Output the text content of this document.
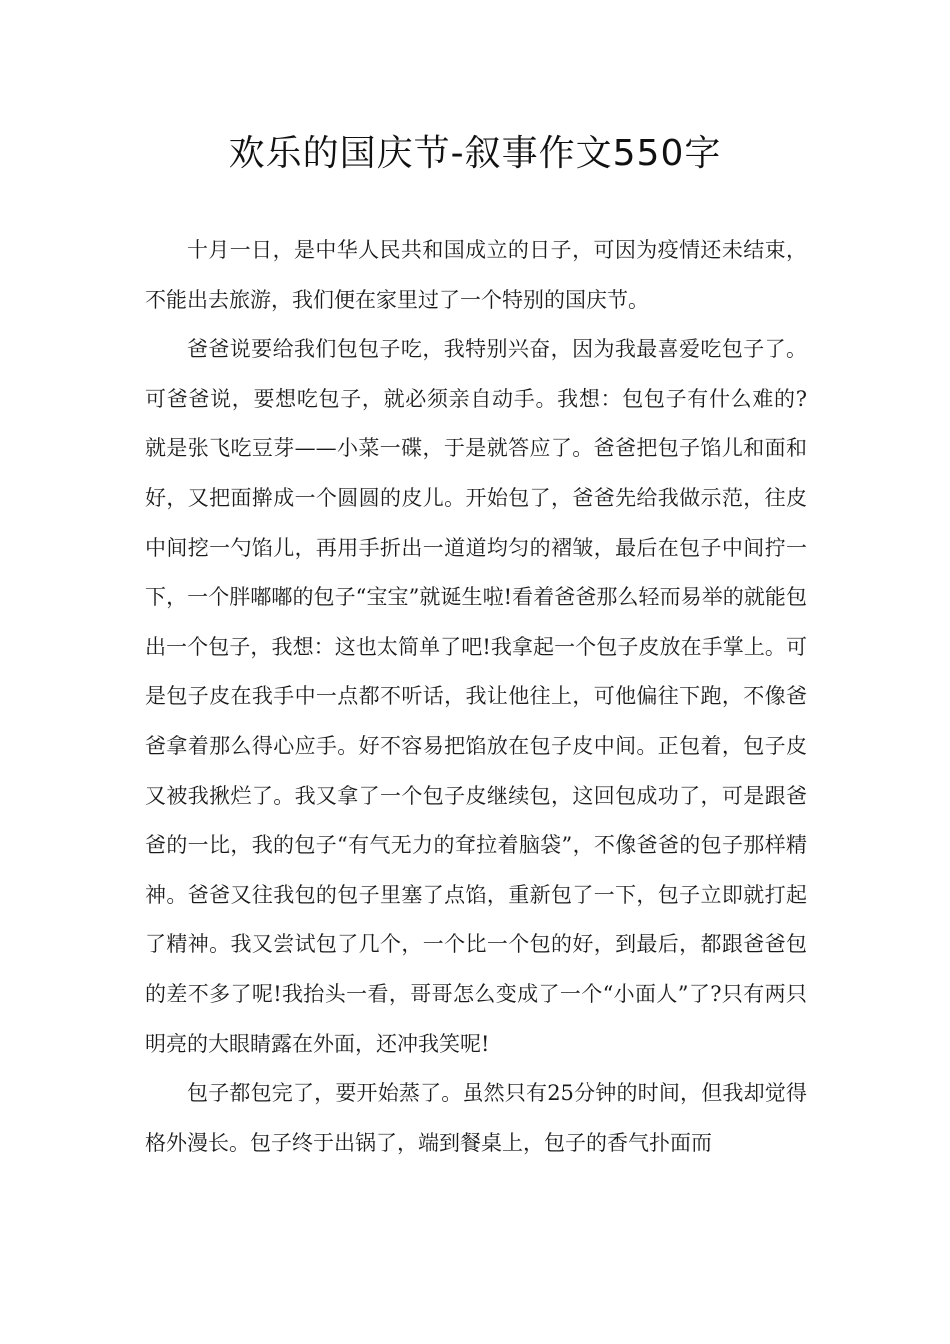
欢乐的国庆节-叙事作文550字

十月一日，是中华人民共和国成立的日子，可因为疫情还未结束，不能出去旅游，我们便在家里过了一个特别的国庆节。

爸爸说要给我们包包子吃，我特别兴奋，因为我最喜爱吃包子了。可爸爸说，要想吃包子，就必须亲自动手。我想：包包子有什么难的?就是张飞吃豆芽——小菜一碟，于是就答应了。爸爸把包子馅儿和面和好，又把面擀成一个圆圆的皮儿。开始包了，爸爸先给我做示范，往皮中间挖一勺馅儿，再用手折出一道道均匀的褶皱，最后在包子中间拧一下，一个胖嘟嘟的包子“宝宝”就诞生啦!看着爸爸那么轻而易举的就能包出一个包子，我想：这也太简单了吧!我拿起一个包子皮放在手掌上。可是包子皮在我手中一点都不听话，我让他往上，可他偏往下跑，不像爸爸拿着那么得心应手。好不容易把馅放在包子皮中间。正包着，包子皮又被我揪烂了。我又拿了一个包子皮继续包，这回包成功了，可是跟爸爸的一比，我的包子“有气无力的耷拉着脑袋”，不像爸爸的包子那样精神。爸爸又往我包的包子里塞了点馅，重新包了一下，包子立即就打起了精神。我又尝试包了几个，一个比一个包的好，到最后，都跟爸爸包的差不多了呢!我抬头一看，哥哥怎么变成了一个“小面人”了?只有两只明亮的大眼睛露在外面，还冲我笑呢!

包子都包完了，要开始蒸了。虽然只有25分钟的时间，但我却觉得格外漫长。包子终于出锅了，端到餐桌上，包子的香气扑面而
